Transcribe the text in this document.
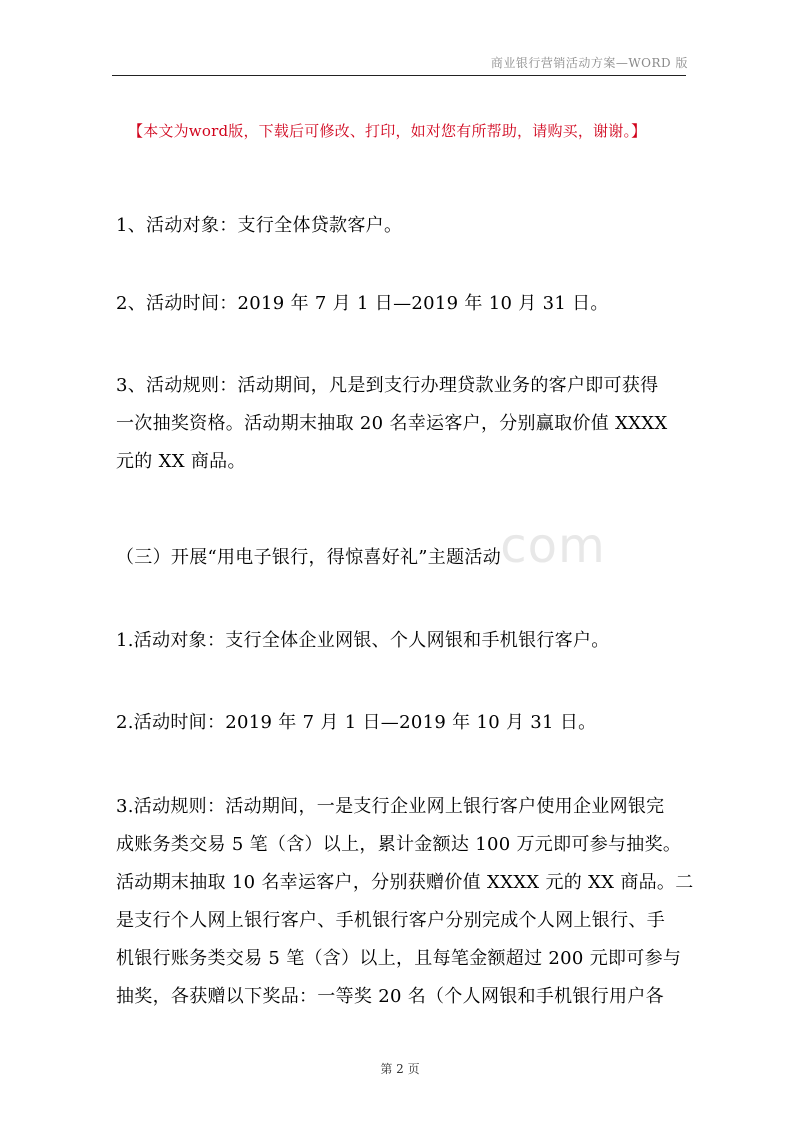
商业银行营销活动方案—WORD 版
【本文为word版，下载后可修改、打印，如对您有所帮助，请购买，谢谢。】
.com
1、活动对象：支行全体贷款客户。
2、活动时间：2019 年 7 月 1 日—2019 年 10 月 31 日。
3、活动规则：活动期间，凡是到支行办理贷款业务的客户即可获得
一次抽奖资格。活动期末抽取 20 名幸运客户，分别赢取价值 XXXX
元的 XX 商品。
（三）开展“用电子银行，得惊喜好礼”主题活动
1.活动对象：支行全体企业网银、个人网银和手机银行客户。
2.活动时间：2019 年 7 月 1 日—2019 年 10 月 31 日。
3.活动规则：活动期间，一是支行企业网上银行客户使用企业网银完
成账务类交易 5 笔（含）以上，累计金额达 100 万元即可参与抽奖。
活动期末抽取 10 名幸运客户，分别获赠价值 XXXX 元的 XX 商品。二
是支行个人网上银行客户、手机银行客户分别完成个人网上银行、手
机银行账务类交易 5 笔（含）以上，且每笔金额超过 200 元即可参与
抽奖，各获赠以下奖品：一等奖 20 名（个人网银和手机银行用户各
第 2 页
